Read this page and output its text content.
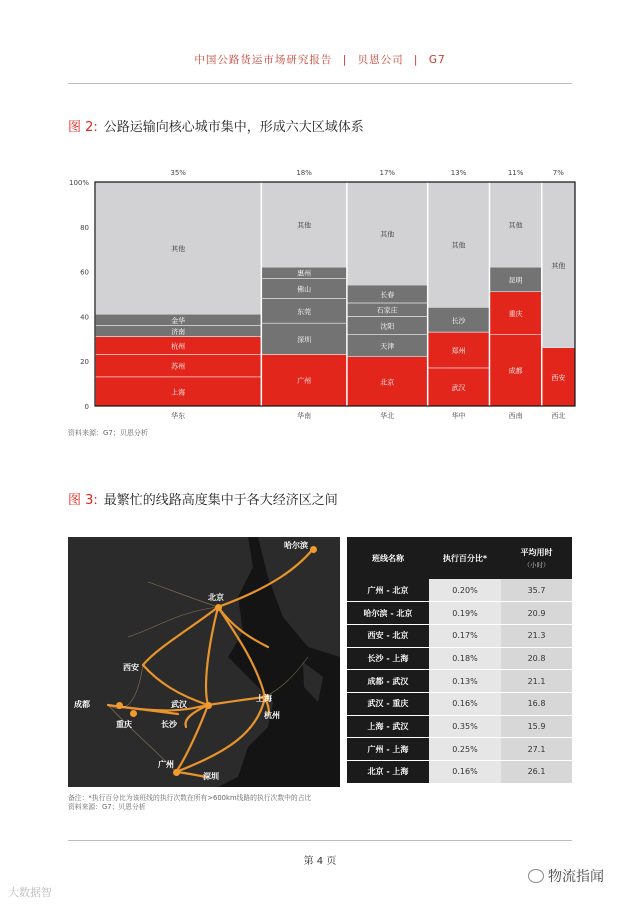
中国公路货运市场研究报告 | 贝恩公司 | G7
图 2: 公路运输向核心城市集中，形成六大区域体系
0
20
40
60
80
100%
上海
苏州
杭州
济南
金华
其他
35%
华东
广州
深圳
东莞
佛山
惠州
其他
18%
华南
北京
天津
沈阳
石家庄
长春
其他
17%
华北
武汉
郑州
长沙
其他
13%
华中
成都
重庆
昆明
其他
11%
西南
西安
其他
7%
西北
资料来源：G7；贝恩分析
图 3: 最繁忙的线路高度集中于各大经济区之间
哈尔滨
北京
西安
成都
重庆
武汉
长沙
上海
杭州
广州
深圳
班线名称	执行百分比*	平均用时
（小时）

广州 - 北京	0.20%	35.7
哈尔滨 - 北京	0.19%	20.9
西安 - 北京	0.17%	21.3
长沙 - 上海	0.18%	20.8
成都 - 武汉	0.13%	21.1
武汉 - 重庆	0.16%	16.8
上海 - 武汉	0.35%	15.9
广州 - 上海	0.25%	27.1
北京 - 上海	0.16%	26.1
备注：*执行百分比为该班线的执行次数在所有>600km线路的执行次数中的占比
资料来源：G7；贝恩分析
第 4 页
大数据智
物流指闻
